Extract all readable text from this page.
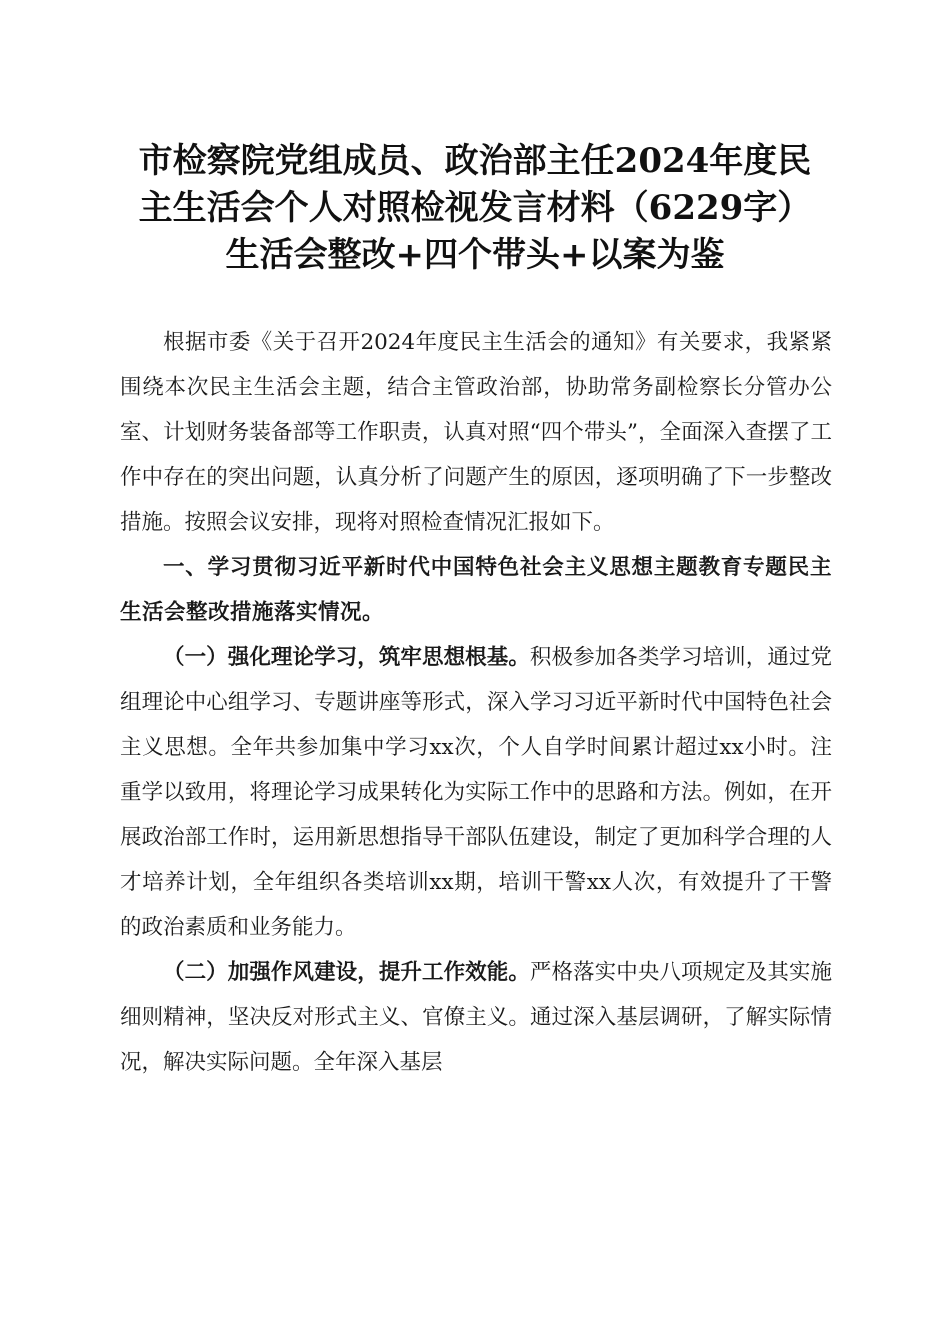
市检察院党组成员、政治部主任2024年度民
主生活会个人对照检视发言材料（6229字）
生活会整改+四个带头+以案为鉴

根据市委《关于召开2024年度民主生活会的通知》有关要求，我紧紧围绕本次民主生活会主题，结合主管政治部，协助常务副检察长分管办公室、计划财务装备部等工作职责，认真对照“四个带头”，全面深入查摆了工作中存在的突出问题，认真分析了问题产生的原因，逐项明确了下一步整改措施。按照会议安排，现将对照检查情况汇报如下。

一、学习贯彻习近平新时代中国特色社会主义思想主题教育专题民主生活会整改措施落实情况。

（一）强化理论学习，筑牢思想根基。积极参加各类学习培训，通过党组理论中心组学习、专题讲座等形式，深入学习习近平新时代中国特色社会主义思想。全年共参加集中学习xx次，个人自学时间累计超过xx小时。注重学以致用，将理论学习成果转化为实际工作中的思路和方法。例如，在开展政治部工作时，运用新思想指导干部队伍建设，制定了更加科学合理的人才培养计划，全年组织各类培训xx期，培训干警xx人次，有效提升了干警的政治素质和业务能力。

（二）加强作风建设，提升工作效能。严格落实中央八项规定及其实施细则精神，坚决反对形式主义、官僚主义。通过深入基层调研，了解实际情况，解决实际问题。全年深入基层
